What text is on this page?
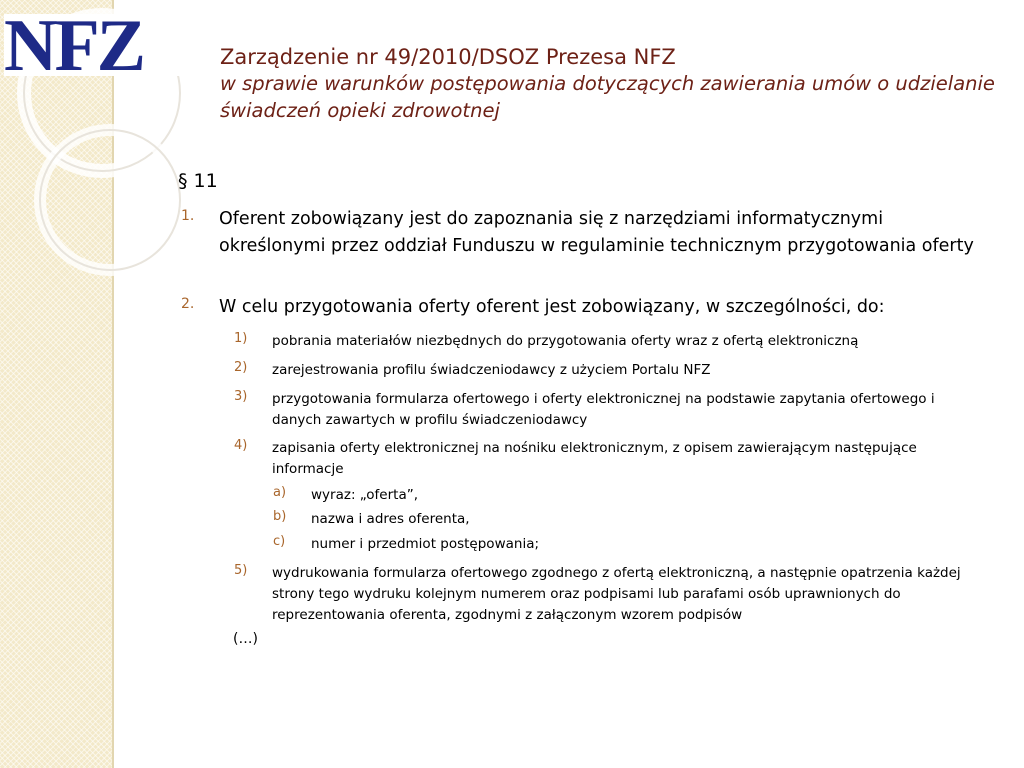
NFZ	Zarządzenie nr 49/2010/DSOZ Prezesa NFZ
w sprawie warunków postępowania dotyczących zawierania umów o udzielanie świadczeń opieki zdrowotnej
§ 11
1. Oferent zobowiązany jest do zapoznania się z narzędziami informatycznymi określonymi przez oddział Funduszu w regulaminie technicznym przygotowania oferty
2. W celu przygotowania oferty oferent jest zobowiązany, w szczególności, do:
1) pobrania materiałów niezbędnych do przygotowania oferty wraz z ofertą elektroniczną
2) zarejestrowania profilu świadczeniodawcy z użyciem Portalu NFZ
3) przygotowania formularza ofertowego i oferty elektronicznej na podstawie zapytania ofertowego i danych zawartych w profilu świadczeniodawcy
4) zapisania oferty elektronicznej na nośniku elektronicznym, z opisem zawierającym następujące informacje
a) wyraz: „oferta”,
b) nazwa i adres oferenta,
c) numer i przedmiot postępowania;
5) wydrukowania formularza ofertowego zgodnego z ofertą elektroniczną, a następnie opatrzenia każdej strony tego wydruku kolejnym numerem oraz podpisami lub parafami osób uprawnionych do reprezentowania oferenta, zgodnymi z załączonym wzorem podpisów
(…)
